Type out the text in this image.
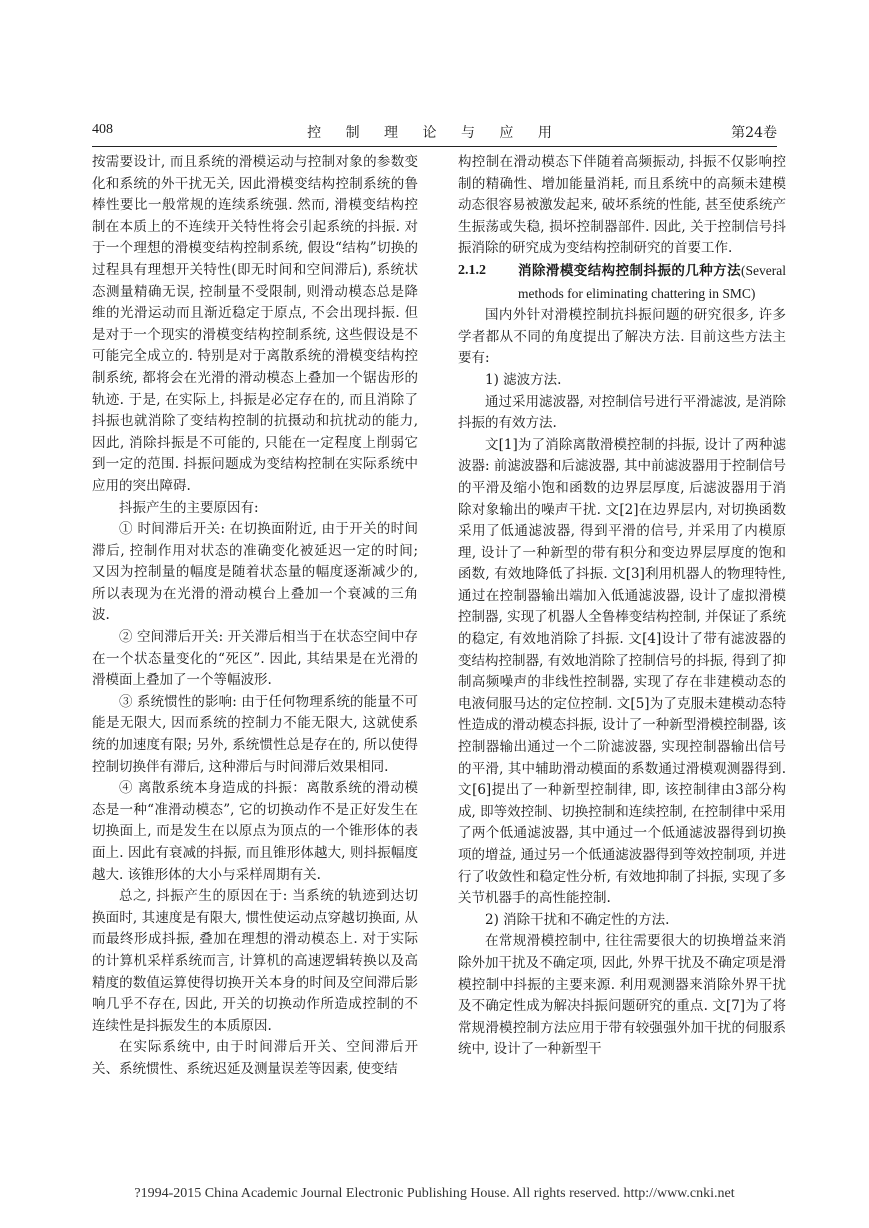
408	控 制 理 论 与 应 用	第24卷

按需要设计, 而且系统的滑模运动与控制对象的参数变化和系统的外干扰无关, 因此滑模变结构控制系统的鲁棒性要比一般常规的连续系统强. 然而, 滑模变结构控制在本质上的不连续开关特性将会引起系统的抖振. 对于一个理想的滑模变结构控制系统, 假设“结构”切换的过程具有理想开关特性(即无时间和空间滞后), 系统状态测量精确无误, 控制量不受限制, 则滑动模态总是降维的光滑运动而且渐近稳定于原点, 不会出现抖振. 但是对于一个现实的滑模变结构控制系统, 这些假设是不可能完全成立的. 特别是对于离散系统的滑模变结构控制系统, 都将会在光滑的滑动模态上叠加一个锯齿形的轨迹. 于是, 在实际上, 抖振是必定存在的, 而且消除了抖振也就消除了变结构控制的抗摄动和抗扰动的能力, 因此, 消除抖振是不可能的, 只能在一定程度上削弱它到一定的范围. 抖振问题成为变结构控制在实际系统中应用的突出障碍.

抖振产生的主要原因有:

① 时间滞后开关: 在切换面附近, 由于开关的时间滞后, 控制作用对状态的准确变化被延迟一定的时间; 又因为控制量的幅度是随着状态量的幅度逐渐减少的, 所以表现为在光滑的滑动模台上叠加一个衰减的三角波.

② 空间滞后开关: 开关滞后相当于在状态空间中存在一个状态量变化的“死区”. 因此, 其结果是在光滑的滑模面上叠加了一个等幅波形.

③ 系统惯性的影响: 由于任何物理系统的能量不可能是无限大, 因而系统的控制力不能无限大, 这就使系统的加速度有限; 另外, 系统惯性总是存在的, 所以使得控制切换伴有滞后, 这种滞后与时间滞后效果相同.

④ 离散系统本身造成的抖振：离散系统的滑动模态是一种“准滑动模态”, 它的切换动作不是正好发生在切换面上, 而是发生在以原点为顶点的一个锥形体的表面上. 因此有衰减的抖振, 而且锥形体越大, 则抖振幅度越大. 该锥形体的大小与采样周期有关.

总之, 抖振产生的原因在于: 当系统的轨迹到达切换面时, 其速度是有限大, 惯性使运动点穿越切换面, 从而最终形成抖振, 叠加在理想的滑动模态上. 对于实际的计算机采样系统而言, 计算机的高速逻辑转换以及高精度的数值运算使得切换开关本身的时间及空间滞后影响几乎不存在, 因此, 开关的切换动作所造成控制的不连续性是抖振发生的本质原因.

在实际系统中, 由于时间滞后开关、空间滞后开关、系统惯性、系统迟延及测量误差等因素, 使变结

构控制在滑动模态下伴随着高频振动, 抖振不仅影响控制的精确性、增加能量消耗, 而且系统中的高频未建模动态很容易被激发起来, 破坏系统的性能, 甚至使系统产生振荡或失稳, 损坏控制器部件. 因此, 关于控制信号抖振消除的研究成为变结构控制研究的首要工作.

2.1.2	消除滑模变结构控制抖振的几种方法(Several methods for eliminating chattering in SMC)

国内外针对滑模控制抗抖振问题的研究很多, 许多学者都从不同的角度提出了解决方法. 目前这些方法主要有:

1) 滤波方法.

通过采用滤波器, 对控制信号进行平滑滤波, 是消除抖振的有效方法.

文[1]为了消除离散滑模控制的抖振, 设计了两种滤波器: 前滤波器和后滤波器, 其中前滤波器用于控制信号的平滑及缩小饱和函数的边界层厚度, 后滤波器用于消除对象输出的噪声干扰. 文[2]在边界层内, 对切换函数采用了低通滤波器, 得到平滑的信号, 并采用了内模原理, 设计了一种新型的带有积分和变边界层厚度的饱和函数, 有效地降低了抖振. 文[3]利用机器人的物理特性, 通过在控制器输出端加入低通滤波器, 设计了虚拟滑模控制器, 实现了机器人全鲁棒变结构控制, 并保证了系统的稳定, 有效地消除了抖振. 文[4]设计了带有滤波器的变结构控制器, 有效地消除了控制信号的抖振, 得到了抑制高频噪声的非线性控制器, 实现了存在非建模动态的电液伺服马达的定位控制. 文[5]为了克服未建模动态特性造成的滑动模态抖振, 设计了一种新型滑模控制器, 该控制器输出通过一个二阶滤波器, 实现控制器输出信号的平滑, 其中辅助滑动模面的系数通过滑模观测器得到. 文[6]提出了一种新型控制律, 即, 该控制律由3部分构成, 即等效控制、切换控制和连续控制, 在控制律中采用了两个低通滤波器, 其中通过一个低通滤波器得到切换项的增益, 通过另一个低通滤波器得到等效控制项, 并进行了收敛性和稳定性分析, 有效地抑制了抖振, 实现了多关节机器手的高性能控制.

2) 消除干扰和不确定性的方法.

在常规滑模控制中, 往往需要很大的切换增益来消除外加干扰及不确定项, 因此, 外界干扰及不确定项是滑模控制中抖振的主要来源. 利用观测器来消除外界干扰及不确定性成为解决抖振问题研究的重点. 文[7]为了将常规滑模控制方法应用于带有较强强外加干扰的伺服系统中, 设计了一种新型干

?1994-2015 China Academic Journal Electronic Publishing House. All rights reserved. http://www.cnki.net
